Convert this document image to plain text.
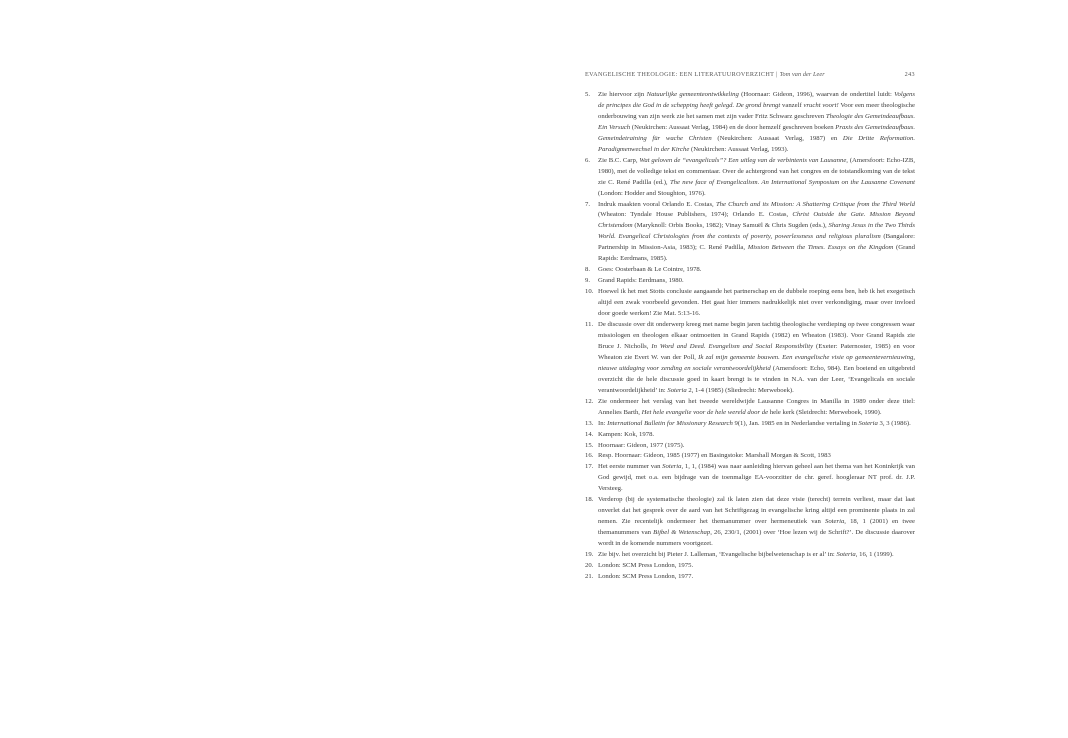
EVANGELISCHE THEOLOGIE: EEN LITERATUUROVERZICHT | Tom van der Leer	243
5. Zie hiervoor zijn Natuurlijke gemeenteontwikkeling (Hoornaar: Gideon, 1996), waarvan de ondertitel luidt: Volgens de principes die God in de schepping heeft gelegd. De grond brengt vanzelf vrucht voort! Voor een meer theologische onderbouwing van zijn werk zie het samen met zijn vader Fritz Schwarz geschreven Theologie des Gemeindeaufbaus. Ein Versuch (Neukirchen: Aussaat Verlag, 1984) en de door hemzelf geschreven boeken Praxis des Gemeindeaufbaus. Gemeindetraining für wache Christen (Neukirchen: Aussaat Verlag, 1987) en Die Dritte Reformation. Paradigmenwechsel in der Kirche (Neukirchen: Aussaat Verlag, 1993).
6. Zie B.C. Carp, Wat geloven de “evangelicals”? Een uitleg van de verbintenis van Lausanne, (Amersfoort: Echo-IZB, 1980), met de volledige tekst en commentaar. Over de achtergrond van het congres en de totstandkoming van de tekst zie C. René Padilla (ed.), The new face of Evangelicalism. An International Symposium on the Lausanne Covenant (London: Hodder and Stoughton, 1976).
7. Indruk maakten vooral Orlando E. Costas, The Church and its Mission: A Shattering Critique from the Third World (Wheaton: Tyndale House Publishers, 1974); Orlando E. Costas, Christ Outside the Gate. Mission Beyond Christendom (Maryknoll: Orbis Books, 1982); Vinay Samuël & Chris Sugden (eds.), Sharing Jesus in the Two Thirds World. Evangelical Christologies from the contexts of poverty, powerlessness and religious pluralism (Bangalore: Partnership in Mission-Asia, 1983); C. René Padilla, Mission Between the Times. Essays on the Kingdom (Grand Rapids: Eerdmans, 1985).
8. Goes: Oosterbaan & Le Cointre, 1978.
9. Grand Rapids: Eerdmans, 1980.
10. Hoewel ik het met Stotts conclusie aangaande het partnerschap en de dubbele roeping eens ben, heb ik het exegetisch altijd een zwak voorbeeld gevonden. Het gaat hier immers nadrukkelijk niet over verkondiging, maar over invloed door goede werken! Zie Mat. 5:13-16.
11. De discussie over dit onderwerp kreeg met name begin jaren tachtig theologische verdieping op twee congressen waar missiologen en theologen elkaar ontmoetten in Grand Rapids (1982) en Wheaton (1983). Voor Grand Rapids zie Bruce J. Nicholls, In Word and Deed. Evangelism and Social Responsibility (Exeter: Paternoster, 1985) en voor Wheaton zie Evert W. van der Poll, Ik zal mijn gemeente bouwen. Een evangelische visie op gemeentevernieuwing, nieuwe uitdaging voor zending en sociale verantwoordelijkheid (Amersfoort: Echo, 984). Een boeiend en uitgebreid overzicht die de hele discussie goed in kaart brengt is te vinden in N.A. van der Leer, ‘Evangelicals en sociale verantwoordelijkheid’ in: Soteria 2, 1-4 (1985) (Sliedrecht: Merweboek).
12. Zie ondermeer het verslag van het tweede wereldwijde Lausanne Congres in Manilla in 1989 onder deze titel: Annelies Barth, Het hele evangelie voor de hele wereld door de hele kerk (Sleidrecht: Merweboek, 1990).
13. In: International Bulletin for Missionary Research 9(1), Jan. 1985 en in Nederlandse vertaling in Soteria 3, 3 (1986).
14. Kampen: Kok, 1978.
15. Hoornaar: Gideon, 1977 (1975).
16. Resp. Hoornaar: Gideon, 1985 (1977) en Basingstoke: Marshall Morgan & Scott, 1983
17. Het eerste nummer van Soteria, 1, 1, (1984) was naar aanleiding hiervan geheel aan het thema van het Koninkrijk van God gewijd, met o.a. een bijdrage van de toenmalige EA-voorzitter de chr. geref. hoogleraar NT prof. dr. J.P. Versteeg.
18. Verderop (bij de systematische theologie) zal ik laten zien dat deze visie (terecht) terrein verliest, maar dat laat onverlet dat het gesprek over de aard van het Schriftgezag in evangelische kring altijd een prominente plaats in zal nemen. Zie recentelijk ondermeer het themanummer over hermeneutiek van Soteria, 18, 1 (2001) en twee themanummers van Bijbel & Wetenschap, 26, 230/1, (2001) over ‘Hoe lezen wij de Schrift?’. De discussie daarover wordt in de komende nummers voortgezet.
19. Zie bijv. het overzicht bij Pieter J. Lalleman, ‘Evangelische bijbelwetenschap is er al’ in: Soteria, 16, 1 (1999).
20. London: SCM Press London, 1975.
21. London: SCM Press London, 1977.
